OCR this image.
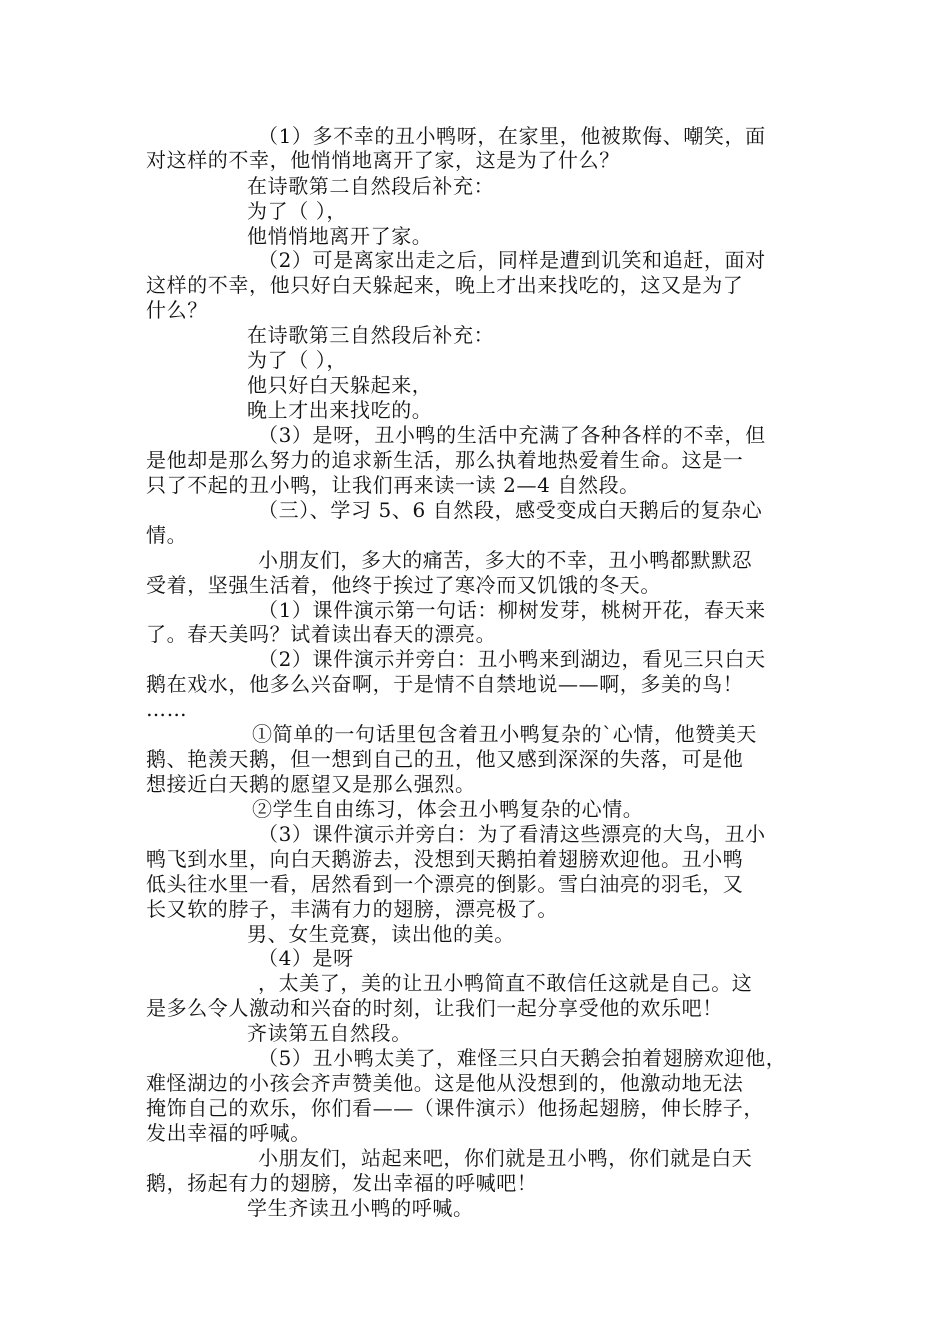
（1）多不幸的丑小鸭呀，在家里，他被欺侮、嘲笑，面
对这样的不幸，他悄悄地离开了家，这是为了什么？
在诗歌第二自然段后补充：
为了（ ），
他悄悄地离开了家。
（2）可是离家出走之后，同样是遭到讥笑和追赶，面对
这样的不幸，他只好白天躲起来，晚上才出来找吃的，这又是为了
什么？
在诗歌第三自然段后补充：
为了（ ），
他只好白天躲起来，
晚上才出来找吃的。
（3）是呀，丑小鸭的生活中充满了各种各样的不幸，但
是他却是那么努力的追求新生活，那么执着地热爱着生命。这是一
只了不起的丑小鸭，让我们再来读一读 2—4 自然段。
（三）、学习 5、6 自然段，感受变成白天鹅后的复杂心
情。
小朋友们，多大的痛苦，多大的不幸，丑小鸭都默默忍
受着，坚强生活着，他终于挨过了寒冷而又饥饿的冬天。
（1）课件演示第一句话：柳树发芽，桃树开花，春天来
了。春天美吗？试着读出春天的漂亮。
（2）课件演示并旁白：丑小鸭来到湖边，看见三只白天
鹅在戏水，他多么兴奋啊，于是情不自禁地说——啊，多美的鸟！
……
①简单的一句话里包含着丑小鸭复杂的`心情，他赞美天
鹅、艳羡天鹅，但一想到自己的丑，他又感到深深的失落，可是他
想接近白天鹅的愿望又是那么强烈。
②学生自由练习，体会丑小鸭复杂的心情。
（3）课件演示并旁白：为了看清这些漂亮的大鸟，丑小
鸭飞到水里，向白天鹅游去，没想到天鹅拍着翅膀欢迎他。丑小鸭
低头往水里一看，居然看到一个漂亮的倒影。雪白油亮的羽毛，又
长又软的脖子，丰满有力的翅膀，漂亮极了。
男、女生竞赛，读出他的美。
（4）是呀
，太美了，美的让丑小鸭简直不敢信任这就是自己。这
是多么令人激动和兴奋的时刻，让我们一起分享受他的欢乐吧！
齐读第五自然段。
（5）丑小鸭太美了，难怪三只白天鹅会拍着翅膀欢迎他，
难怪湖边的小孩会齐声赞美他。这是他从没想到的，他激动地无法
掩饰自己的欢乐，你们看——（课件演示）他扬起翅膀，伸长脖子，
发出幸福的呼喊。
小朋友们，站起来吧，你们就是丑小鸭，你们就是白天
鹅，扬起有力的翅膀，发出幸福的呼喊吧！
学生齐读丑小鸭的呼喊。
